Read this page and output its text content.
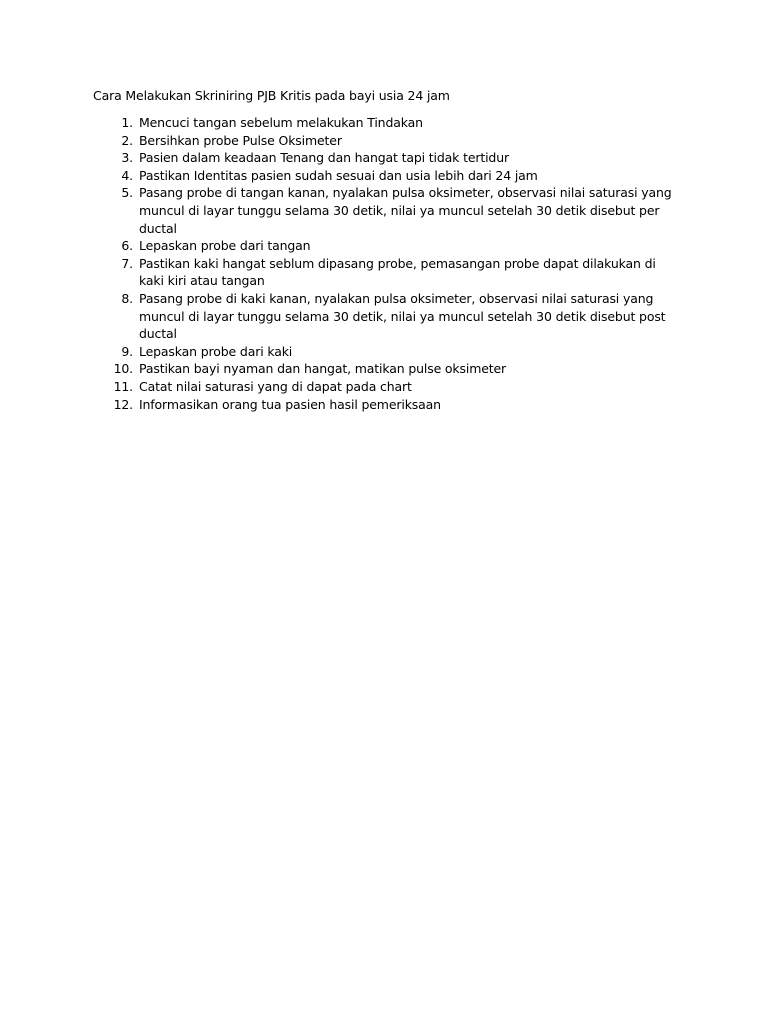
Cara Melakukan Skriniring PJB Kritis pada bayi usia 24 jam

1. Mencuci tangan sebelum melakukan Tindakan
2. Bersihkan probe Pulse Oksimeter
3. Pasien dalam keadaan Tenang dan hangat tapi tidak tertidur
4. Pastikan Identitas pasien sudah sesuai dan usia lebih dari 24 jam
5. Pasang probe di tangan kanan, nyalakan pulsa oksimeter, observasi nilai saturasi yang muncul di layar tunggu selama 30 detik, nilai ya muncul setelah 30 detik disebut per ductal
6. Lepaskan probe dari tangan
7. Pastikan kaki hangat seblum dipasang probe, pemasangan probe dapat dilakukan di kaki kiri atau tangan
8. Pasang probe di kaki kanan, nyalakan pulsa oksimeter, observasi nilai saturasi yang muncul di layar tunggu selama 30 detik, nilai ya muncul setelah 30 detik disebut post ductal
9. Lepaskan probe dari kaki
10. Pastikan bayi nyaman dan hangat, matikan pulse oksimeter
11. Catat nilai saturasi yang di dapat pada chart
12. Informasikan orang tua pasien hasil pemeriksaan
